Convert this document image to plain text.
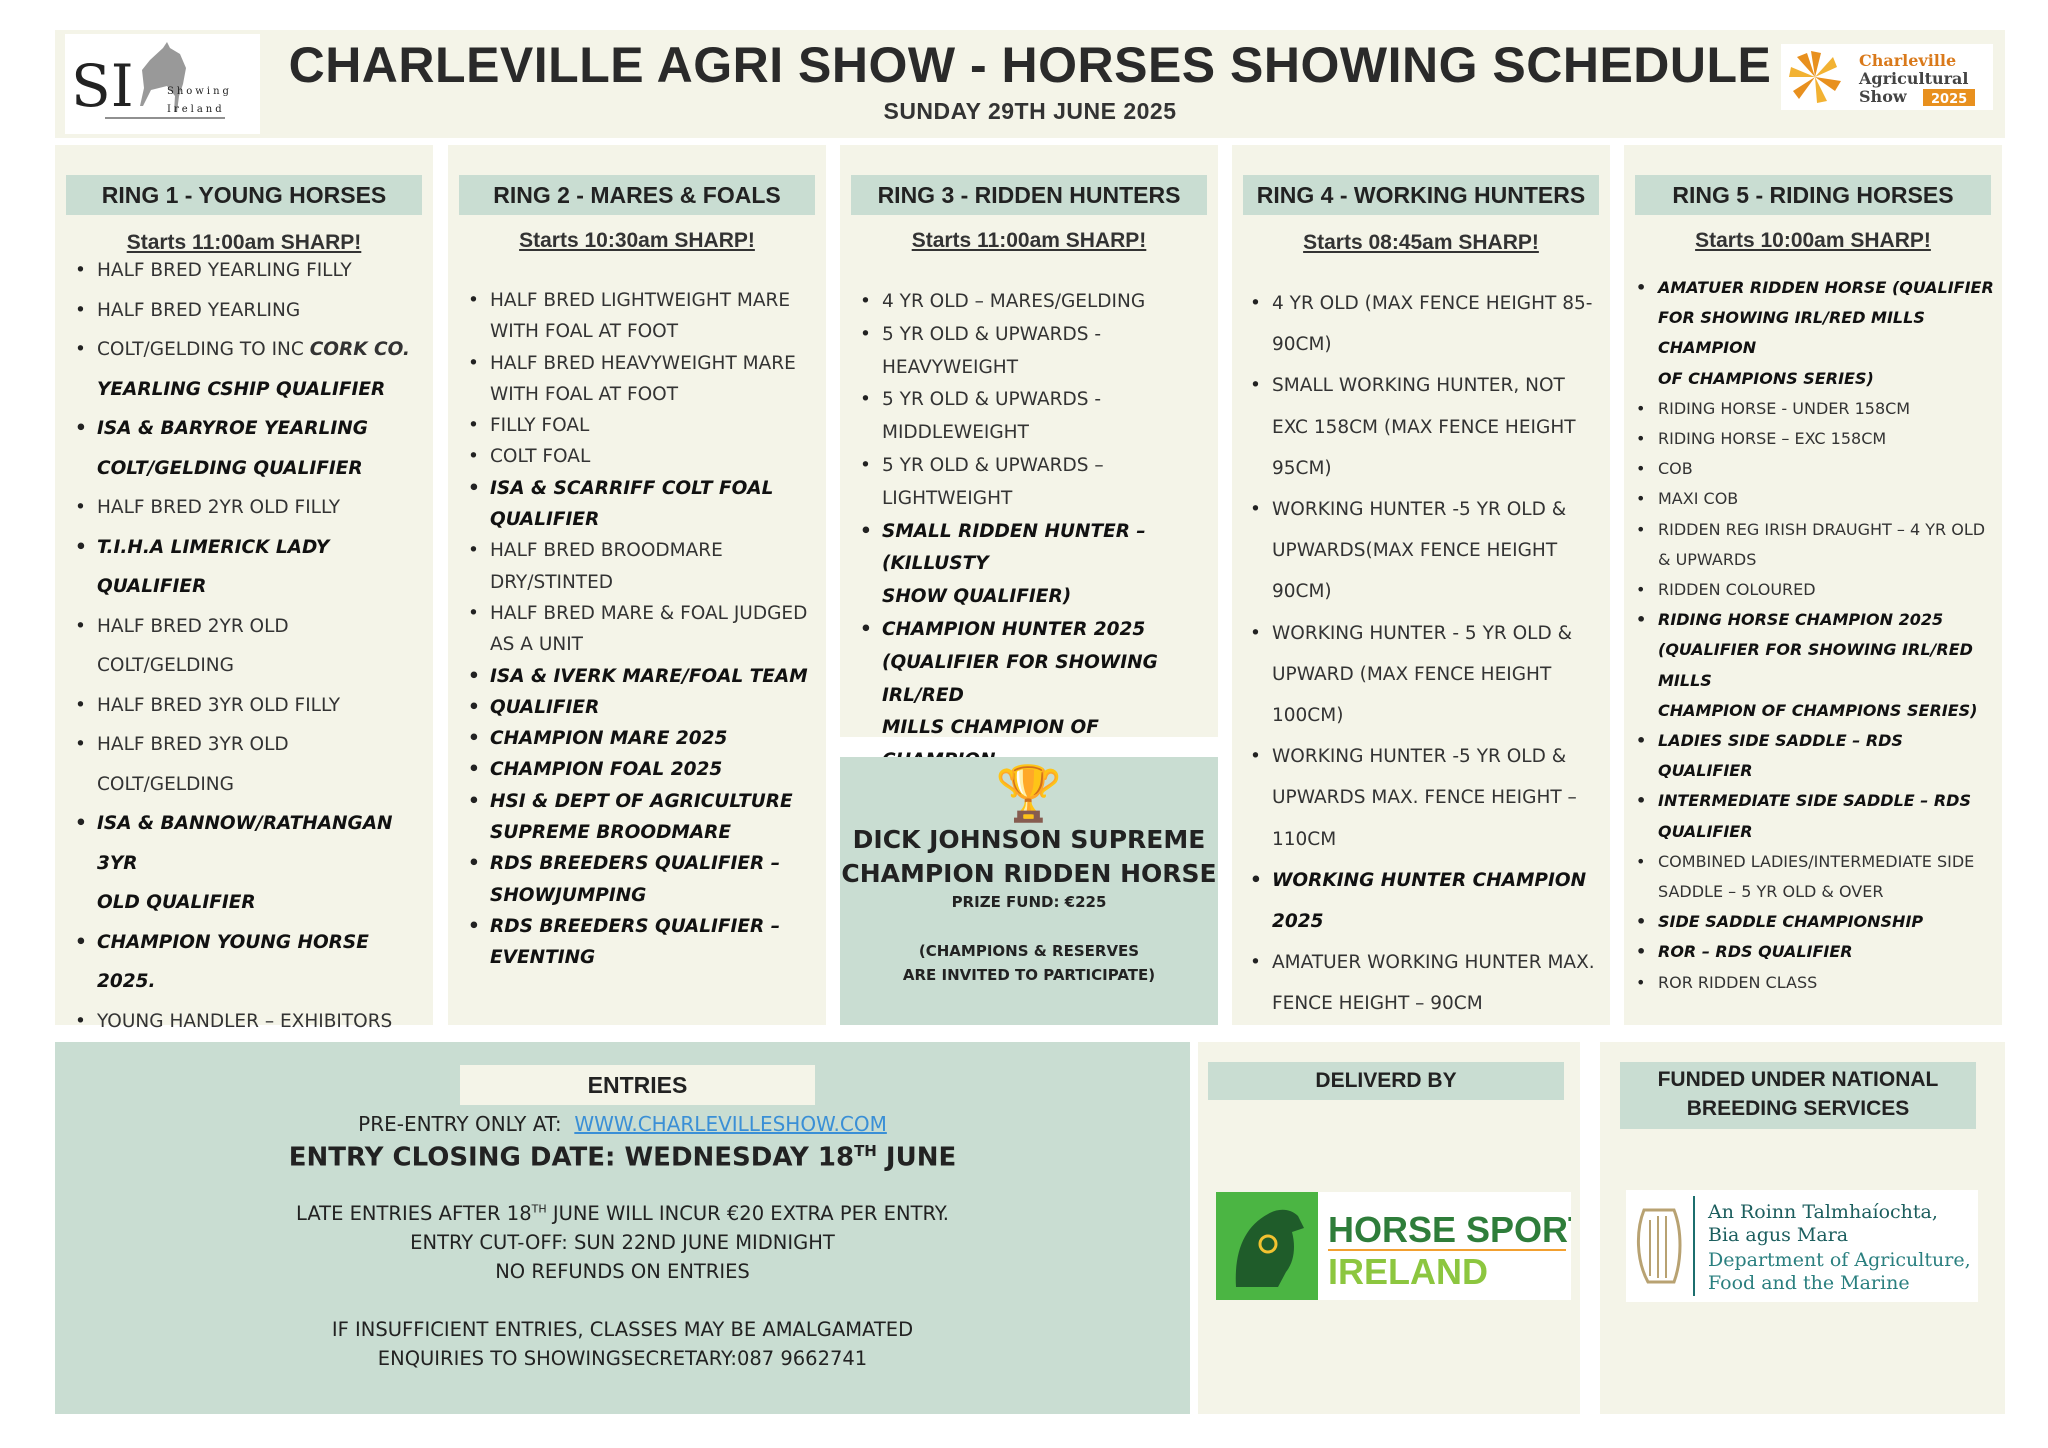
SI	Showing
Ireland
CHARLEVILLE AGRI SHOW - HORSES SHOWING SCHEDULE
SUNDAY 29TH JUNE 2025
Charleville
Agricultural
Show 2025
RING 1 - YOUNG HORSES
Starts 11:00am SHARP!
• HALF BRED YEARLING FILLY
• HALF BRED YEARLING
• COLT/GELDING TO INC CORK CO.
YEARLING CSHIP QUALIFIER
• ISA & BARYROE YEARLING
COLT/GELDING QUALIFIER
• HALF BRED 2YR OLD FILLY
• T.I.H.A LIMERICK LADY QUALIFIER
• HALF BRED 2YR OLD
COLT/GELDING
• HALF BRED 3YR OLD FILLY
• HALF BRED 3YR OLD
COLT/GELDING
• ISA & BANNOW/RATHANGAN 3YR
OLD QUALIFIER
• CHAMPION YOUNG HORSE 2025.
• YOUNG HANDLER – EXHIBITORS
RING 2 - MARES & FOALS
Starts 10:30am SHARP!
• HALF BRED LIGHTWEIGHT MARE
WITH FOAL AT FOOT
• HALF BRED HEAVYWEIGHT MARE
WITH FOAL AT FOOT
• FILLY FOAL
• COLT FOAL
• ISA & SCARRIFF COLT FOAL
QUALIFIER
• HALF BRED BROODMARE
DRY/STINTED
• HALF BRED MARE & FOAL JUDGED
AS A UNIT
• ISA & IVERK MARE/FOAL TEAM
• QUALIFIER
• CHAMPION MARE 2025
• CHAMPION FOAL 2025
• HSI & DEPT OF AGRICULTURE
SUPREME BROODMARE
• RDS BREEDERS QUALIFIER –
SHOWJUMPING
• RDS BREEDERS QUALIFIER –
EVENTING
RING 3 - RIDDEN HUNTERS
Starts 11:00am SHARP!
• 4 YR OLD – MARES/GELDING
• 5 YR OLD & UPWARDS -
HEAVYWEIGHT
• 5 YR OLD & UPWARDS -
MIDDLEWEIGHT
• 5 YR OLD & UPWARDS –
LIGHTWEIGHT
• SMALL RIDDEN HUNTER – (KILLUSTY
SHOW QUALIFIER)
• CHAMPION HUNTER 2025
(QUALIFIER FOR SHOWING IRL/RED
MILLS CHAMPION OF
RING 4 - WORKING HUNTERS
Starts 08:45am SHARP!
• 4 YR OLD (MAX FENCE HEIGHT 85-
90CM)
• SMALL WORKING HUNTER, NOT
EXC 158CM (MAX FENCE HEIGHT
95CM)
• WORKING HUNTER -5 YR OLD &
UPWARDS(MAX FENCE HEIGHT
90CM)
• WORKING HUNTER - 5 YR OLD &
UPWARD (MAX FENCE HEIGHT
100CM)
• WORKING HUNTER -5 YR OLD &
UPWARDS MAX. FENCE HEIGHT –
110CM
• WORKING HUNTER CHAMPION 2025
• AMATUER WORKING HUNTER MAX.
FENCE HEIGHT – 90CM
RING 5 - RIDING HORSES
Starts 10:00am SHARP!
• AMATUER RIDDEN HORSE (QUALIFIER
FOR SHOWING IRL/RED MILLS CHAMPION
OF CHAMPIONS SERIES)
• RIDING HORSE - UNDER 158CM
• RIDING HORSE – EXC 158CM
• COB
• MAXI COB
• RIDDEN REG IRISH DRAUGHT – 4 YR OLD
& UPWARDS
• RIDDEN COLOURED
• RIDING HORSE CHAMPION 2025
(QUALIFIER FOR SHOWING IRL/RED MILLS
CHAMPION OF CHAMPIONS SERIES)
• LADIES SIDE SADDLE – RDS QUALIFIER
• INTERMEDIATE SIDE SADDLE – RDS
QUALIFIER
• COMBINED LADIES/INTERMEDIATE SIDE
SADDLE – 5 YR OLD & OVER
• SIDE SADDLE CHAMPIONSHIP
• ROR – RDS QUALIFIER
• ROR RIDDEN CLASS
🏆
DICK JOHNSON SUPREME
CHAMPION RIDDEN HORSE
PRIZE FUND: €225
(CHAMPIONS & RESERVES
ARE INVITED TO PARTICIPATE)
ENTRIES
PRE-ENTRY ONLY AT: WWW.CHARLEVILLESHOW.COM
ENTRY CLOSING DATE: WEDNESDAY 18TH JUNE
LATE ENTRIES AFTER 18TH JUNE WILL INCUR €20 EXTRA PER ENTRY.
ENTRY CUT-OFF: SUN 22ND JUNE MIDNIGHT
NO REFUNDS ON ENTRIES
IF INSUFFICIENT ENTRIES, CLASSES MAY BE AMALGAMATED
ENQUIRIES TO SHOWINGSECRETARY:087 9662741
DELIVERD BY
HORSE SPORT
IRELAND
FUNDED UNDER NATIONAL
BREEDING SERVICES
An Roinn Talmhaíochta,
Bia agus Mara
Department of Agriculture,
Food and the Marine
